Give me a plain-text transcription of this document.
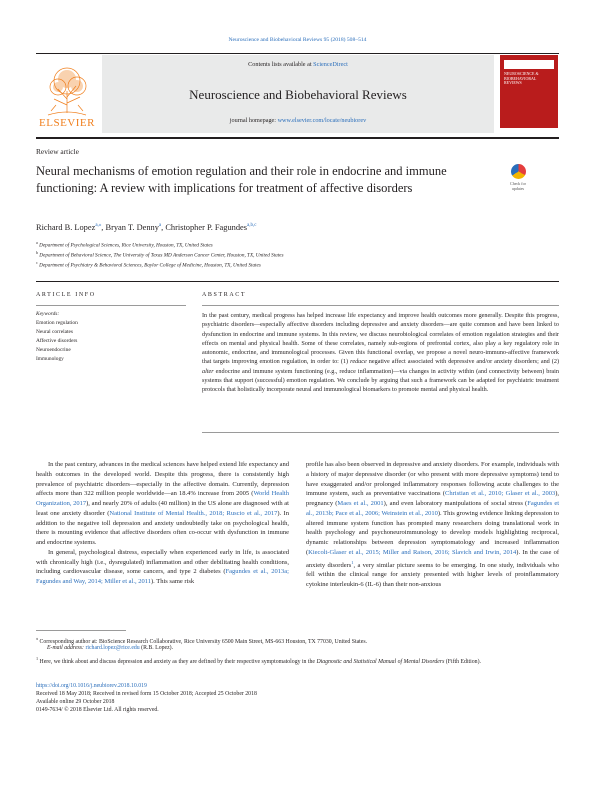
Neuroscience and Biobehavioral Reviews 95 (2018) 508–514
ELSEVIER
Contents lists available at ScienceDirect
Neuroscience and Biobehavioral Reviews
journal homepage: www.elsevier.com/locate/neubiorev
NEUROSCIENCE & BIOBEHAVIORAL REVIEWS
Review article
Neural mechanisms of emotion regulation and their role in endocrine and immune functioning: A review with implications for treatment of affective disorders	Check for updates
Richard B. Lopez$^{a,⁎}$, Bryan T. Denny$^a$, Christopher P. Fagundes$^{a,b,c}$
$^a$ Department of Psychological Sciences, Rice University, Houston, TX, United States
$^b$ Department of Behavioral Science, The University of Texas MD Anderson Cancer Center, Houston, TX, United States
$^c$ Department of Psychiatry & Behavioral Sciences, Baylor College of Medicine, Houston, TX, United States
ARTICLE INFO
Keywords:
Emotion regulation
Neural correlates
Affective disorders
Neuroendocrine
Immunology
ABSTRACT
In the past century, medical progress has helped increase life expectancy and improve health outcomes more generally. Despite this progress, psychiatric disorders—especially affective disorders including depressive and anxiety disorders—are quite common and have been linked to dysfunction in endocrine and immune systems. In this review, we discuss neurobiological correlates of emotion regulation strategies and their effects on mental and physical health. Some of these correlates, namely sub-regions of prefrontal cortex, also play a key regulatory role in autonomic, endocrine, and immunological processes. Given this functional overlap, we propose a novel neuro-immuno-affective framework that targets improving emotion regulation, in order to: (1) reduce negative affect associated with depressive and/or anxiety disorders; and (2) alter endocrine and immune system functioning (e.g., reduce inflammation)—via changes in activity within (and connectivity between) brain systems that support (successful) emotion regulation. We conclude by arguing that such a framework can be adapted for psychiatric treatment protocols that holistically incorporate neural and immunological biomarkers to promote mental and physical health.

In the past century, advances in the medical sciences have helped extend life expectancy and health outcomes in the developed world. Despite this progress, there is consistently high prevalence of psychiatric disorders—especially in the affective domain. Currently, depression affects more than 322 million people worldwide—an 18.4% increase from 2005 (World Health Organization, 2017), and nearly 20% of adults (40 million) in the US alone are diagnosed with at least one anxiety disorder (National Institute of Mental Health., 2018; Ruscio et al., 2017). In addition to the negative toll depression and anxiety undoubtedly take on psychological health, there is mounting evidence that affective disorders often co-occur with dysfunction in immune and endocrine systems.

In general, psychological distress, especially when experienced early in life, is associated with chronically high (i.e., dysregulated) inflammation and other debilitating health conditions, including cardiovascular disease, some cancers, and type 2 diabetes (Fagundes et al., 2013a; Fagundes and Way, 2014; Miller et al., 2011). This same risk

profile has also been observed in depressive and anxiety disorders. For example, individuals with a history of major depressive disorder (or who present with more depressive symptoms) tend to have exaggerated and/or prolonged inflammatory responses following acute challenges to the immune system, such as preventative vaccinations (Christian et al., 2010; Glaser et al., 2003), pregnancy (Maes et al., 2001), and even laboratory manipulations of social stress (Fagundes et al., 2013b; Pace et al., 2006; Weinstein et al., 2010). This growing evidence linking depression to altered immune system function has prompted many researchers doing translational work in health psychology and psychoneuroimmunology to develop models highlighting reciprocal, dynamic relationships between depression symptomatology and increased inflammation (Kiecolt-Glaser et al., 2015; Miller and Raison, 2016; Slavich and Irwin, 2014). In the case of anxiety disorders$^1$, a very similar picture seems to be emerging. In one study, individuals who fell within the clinical range for anxiety presented with higher levels of proinflammatory cytokine interleukin-6 (IL-6) than their non-anxious

⁎ Corresponding author at: BioScience Research Collaborative, Rice University 6500 Main Street, MS-663 Houston, TX 77030, United States.
E-mail address: richard.lopez@rice.edu (R.B. Lopez).
$^1$ Here, we think about and discuss depression and anxiety as they are defined by their respective symptomatology in the Diagnostic and Statistical Manual of Mental Disorders (Fifth Edition).
https://doi.org/10.1016/j.neubiorev.2018.10.019
Received 18 May 2018; Received in revised form 15 October 2018; Accepted 25 October 2018
Available online 29 October 2018
0149-7634/ © 2018 Elsevier Ltd. All rights reserved.
